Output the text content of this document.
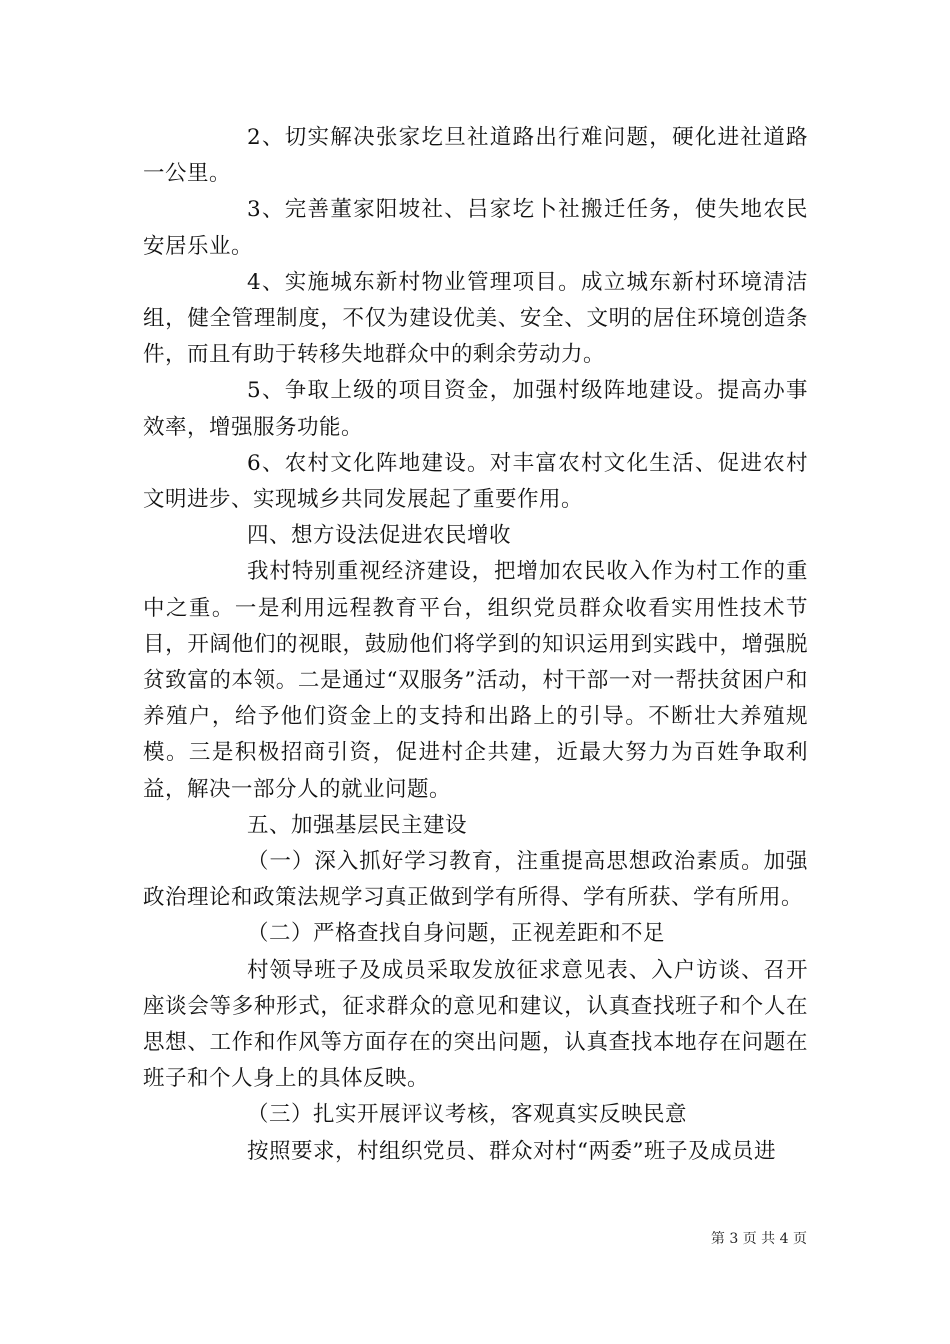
2、切实解决张家圪旦社道路出行难问题，硬化进社道路一公里。

3、完善董家阳坡社、吕家圪卜社搬迁任务，使失地农民安居乐业。

4、实施城东新村物业管理项目。成立城东新村环境清洁组，健全管理制度，不仅为建设优美、安全、文明的居住环境创造条件，而且有助于转移失地群众中的剩余劳动力。

5、争取上级的项目资金，加强村级阵地建设。提高办事效率，增强服务功能。

6、农村文化阵地建设。对丰富农村文化生活、促进农村文明进步、实现城乡共同发展起了重要作用。

四、想方设法促进农民增收

我村特别重视经济建设，把增加农民收入作为村工作的重中之重。一是利用远程教育平台，组织党员群众收看实用性技术节目，开阔他们的视眼，鼓励他们将学到的知识运用到实践中，增强脱贫致富的本领。二是通过“双服务”活动，村干部一对一帮扶贫困户和养殖户，给予他们资金上的支持和出路上的引导。不断壮大养殖规模。三是积极招商引资，促进村企共建，近最大努力为百姓争取利益，解决一部分人的就业问题。

五、加强基层民主建设

（一）深入抓好学习教育，注重提高思想政治素质。加强政治理论和政策法规学习真正做到学有所得、学有所获、学有所用。

（二）严格查找自身问题，正视差距和不足

村领导班子及成员采取发放征求意见表、入户访谈、召开座谈会等多种形式，征求群众的意见和建议，认真查找班子和个人在思想、工作和作风等方面存在的突出问题，认真查找本地存在问题在班子和个人身上的具体反映。

（三）扎实开展评议考核，客观真实反映民意

按照要求，村组织党员、群众对村“两委”班子及成员进

第 3 页 共 4 页
